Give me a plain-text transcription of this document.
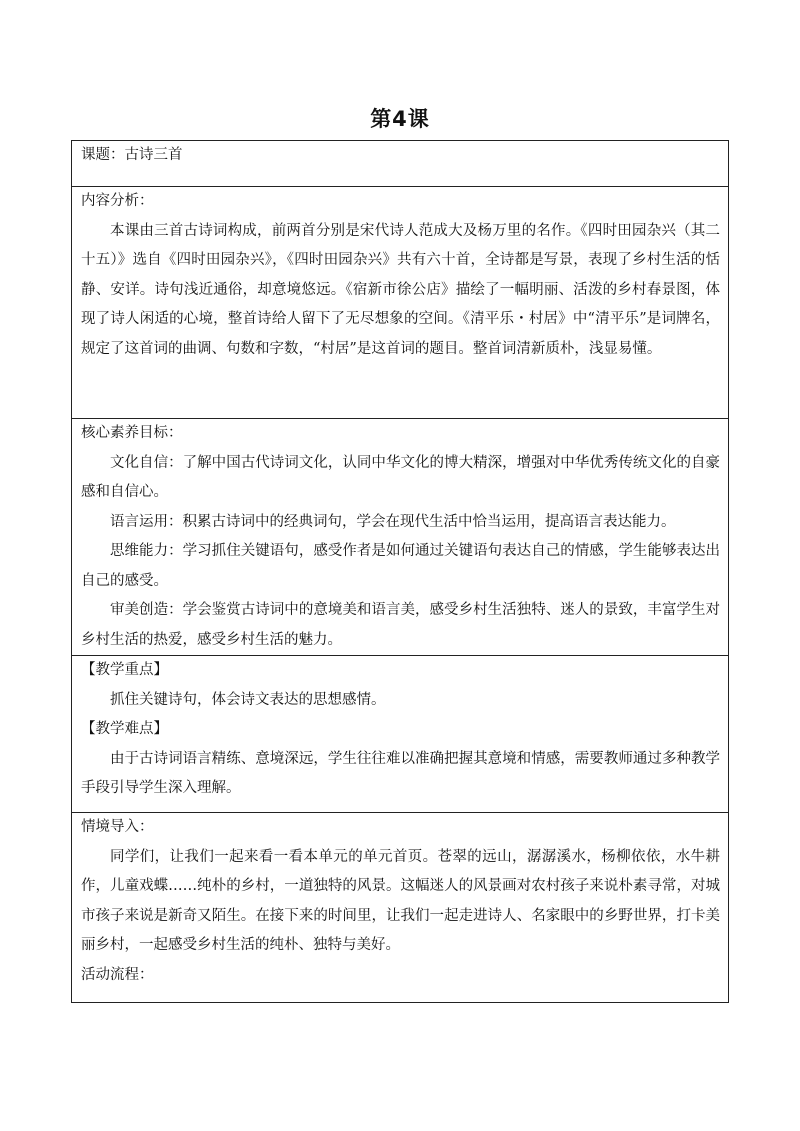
第4课
课题：古诗三首

内容分析：

本课由三首古诗词构成，前两首分别是宋代诗人范成大及杨万里的名作。《四时田园杂兴（其二十五）》选自《四时田园杂兴》，《四时田园杂兴》共有六十首，全诗都是写景，表现了乡村生活的恬静、安详。诗句浅近通俗，却意境悠远。《宿新市徐公店》描绘了一幅明丽、活泼的乡村春景图，体现了诗人闲适的心境，整首诗给人留下了无尽想象的空间。《清平乐・村居》中“清平乐”是词牌名，规定了这首词的曲调、句数和字数，“村居”是这首词的题目。整首词清新质朴，浅显易懂。

核心素养目标：

文化自信：了解中国古代诗词文化，认同中华文化的博大精深，增强对中华优秀传统文化的自豪感和自信心。

语言运用：积累古诗词中的经典词句，学会在现代生活中恰当运用，提高语言表达能力。

思维能力：学习抓住关键语句，感受作者是如何通过关键语句表达自己的情感，学生能够表达出自己的感受。

审美创造：学会鉴赏古诗词中的意境美和语言美，感受乡村生活独特、迷人的景致，丰富学生对乡村生活的热爱，感受乡村生活的魅力。

【教学重点】

抓住关键诗句，体会诗文表达的思想感情。

【教学难点】

由于古诗词语言精练、意境深远，学生往往难以准确把握其意境和情感，需要教师通过多种教学手段引导学生深入理解。

情境导入：

同学们，让我们一起来看一看本单元的单元首页。苍翠的远山，潺潺溪水，杨柳依依，水牛耕作，儿童戏蝶……纯朴的乡村，一道独特的风景。这幅迷人的风景画对农村孩子来说朴素寻常，对城市孩子来说是新奇又陌生。在接下来的时间里，让我们一起走进诗人、名家眼中的乡野世界，打卡美丽乡村，一起感受乡村生活的纯朴、独特与美好。

活动流程：
